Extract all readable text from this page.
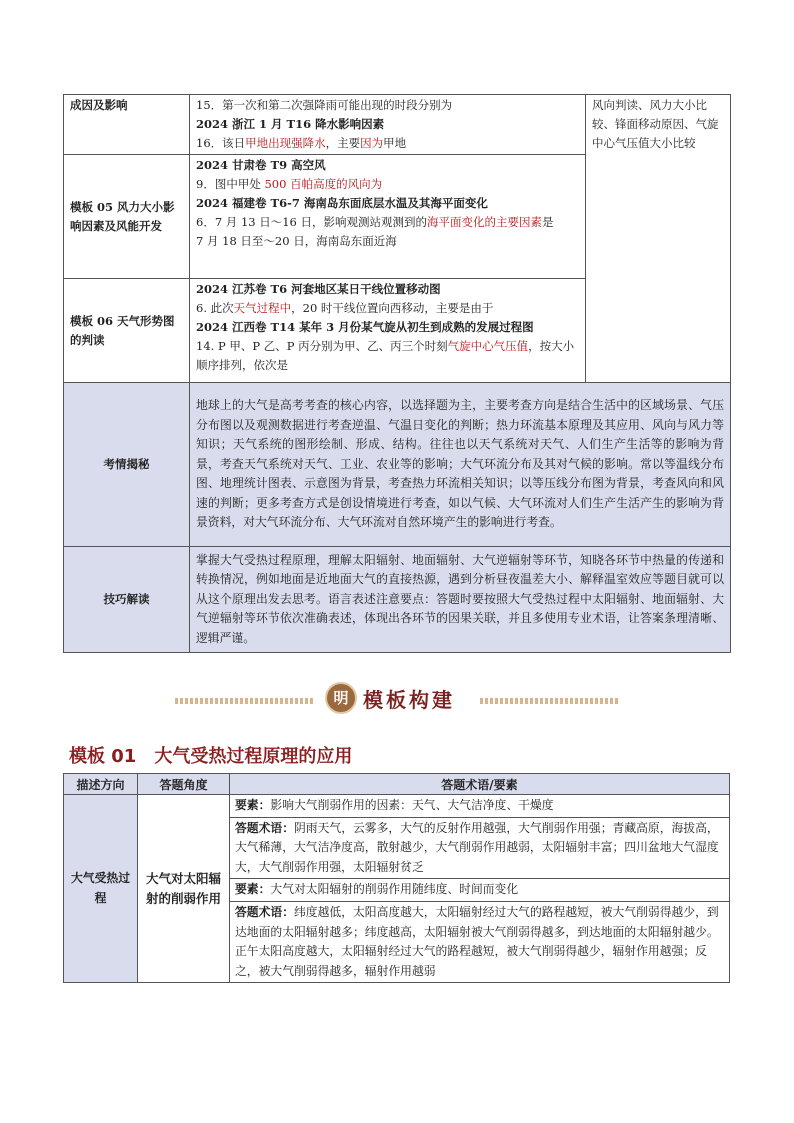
成因及影响	15．第一次和第二次强降雨可能出现的时段分别为
2024 浙江 1 月 T16 降水影响因素
16．该日甲地出现强降水，主要因为甲地	风向判读、风力大小比较、锋面移动原因、气旋中心气压值大小比较
模板 05 风力大小影响因素及风能开发	2024 甘肃卷 T9 高空风
9．图中甲处 500 百帕高度的风向为
2024 福建卷 T6-7 海南岛东面底层水温及其海平面变化
6．7 月 13 日～16 日，影响观测站观测到的海平面变化的主要因素是
7 月 18 日至～20 日，海南岛东面近海	

模板 06 天气形势图的判读	2024 江苏卷 T6 河套地区某日干线位置移动图
6. 此次天气过程中，20 时干线位置向西移动，主要是由于
2024 江西卷 T14 某年 3 月份某气旋从初生到成熟的发展过程图
14. P 甲、P 乙、P 丙分别为甲、乙、丙三个时刻气旋中心气压值，按大小顺序排列，依次是	

考情揭秘	地球上的大气是高考考查的核心内容，以选择题为主，主要考查方向是结合生活中的区域场景、气压分布图以及观测数据进行考查逆温、气温日变化的判断；热力环流基本原理及其应用、风向与风力等知识；天气系统的图形绘制、形成、结构。往往也以天气系统对天气、人们生产生活等的影响为背景，考查天气系统对天气、工业、农业等的影响；大气环流分布及其对气候的影响。常以等温线分布图、地理统计图表、示意图为背景，考查热力环流相关知识；以等压线分布图为背景，考查风向和风速的判断；更多考查方式是创设情境进行考查，如以气候、大气环流对人们生产生活产生的影响为背景资料，对大气环流分布、大气环流对自然环境产生的影响进行考查。	
技巧解读	掌握大气受热过程原理，理解太阳辐射、地面辐射、大气逆辐射等环节，知晓各环节中热量的传递和转换情况，例如地面是近地面大气的直接热源，遇到分析昼夜温差大小、解释温室效应等题目就可以从这个原理出发去思考。语言表述注意要点：答题时要按照大气受热过程中太阳辐射、地面辐射、大气逆辐射等环节依次准确表述，体现出各环节的因果关联，并且多使用专业术语，让答案条理清晰、逻辑严谨。	
明 模板构建
模板 01　大气受热过程原理的应用
描述方向	答题角度	答题术语/要素
大气受热过程	大气对太阳辐射的削弱作用	要素：影响大气削弱作用的因素：天气、大气洁净度、干燥度
		答题术语：阴雨天气，云雾多，大气的反射作用越强，大气削弱作用强；青藏高原，海拔高，大气稀薄，大气洁净度高，散射越少，大气削弱作用越弱，太阳辐射丰富；四川盆地大气湿度大，大气削弱作用强，太阳辐射贫乏
		要素：大气对太阳辐射的削弱作用随纬度、时间而变化
		答题术语：纬度越低，太阳高度越大，太阳辐射经过大气的路程越短，被大气削弱得越少，到达地面的太阳辐射越多；纬度越高，太阳辐射被大气削弱得越多，到达地面的太阳辐射越少。正午太阳高度越大，太阳辐射经过大气的路程越短，被大气削弱得越少，辐射作用越强；反之，被大气削弱得越多，辐射作用越弱
